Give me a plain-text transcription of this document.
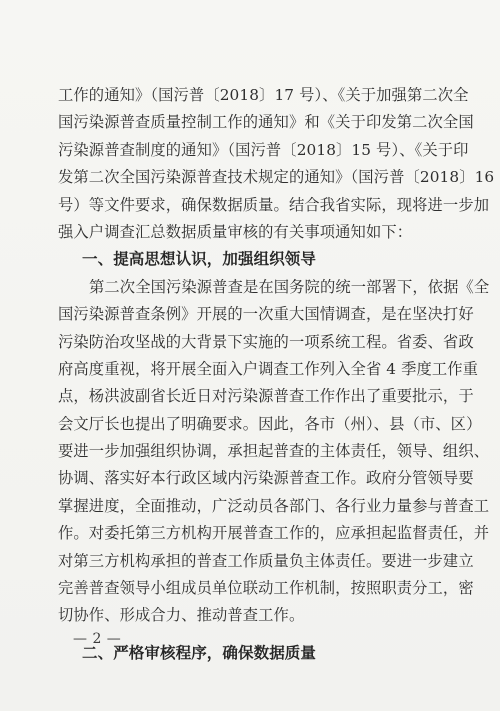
工作的通知》（国污普〔2018〕17 号）、《关于加强第二次全
国污染源普查质量控制工作的通知》和《关于印发第二次全国
污染源普查制度的通知》（国污普〔2018〕15 号）、《关于印
发第二次全国污染源普查技术规定的通知》（国污普〔2018〕16
号）等文件要求，确保数据质量。结合我省实际，现将进一步加
强入户调查汇总数据质量审核的有关事项通知如下：
一、提高思想认识，加强组织领导
第二次全国污染源普查是在国务院的统一部署下，依据《全
国污染源普查条例》开展的一次重大国情调查，是在坚决打好
污染防治攻坚战的大背景下实施的一项系统工程。省委、省政
府高度重视，将开展全面入户调查工作列入全省 4 季度工作重
点，杨洪波副省长近日对污染源普查工作作出了重要批示，于
会文厅长也提出了明确要求。因此，各市（州）、县（市、区）
要进一步加强组织协调，承担起普查的主体责任，领导、组织、
协调、落实好本行政区域内污染源普查工作。政府分管领导要
掌握进度，全面推动，广泛动员各部门、各行业力量参与普查工
作。对委托第三方机构开展普查工作的，应承担起监督责任，并
对第三方机构承担的普查工作质量负主体责任。要进一步建立
完善普查领导小组成员单位联动工作机制，按照职责分工，密
切协作、形成合力、推动普查工作。
二、严格审核程序，确保数据质量
— 2 —
